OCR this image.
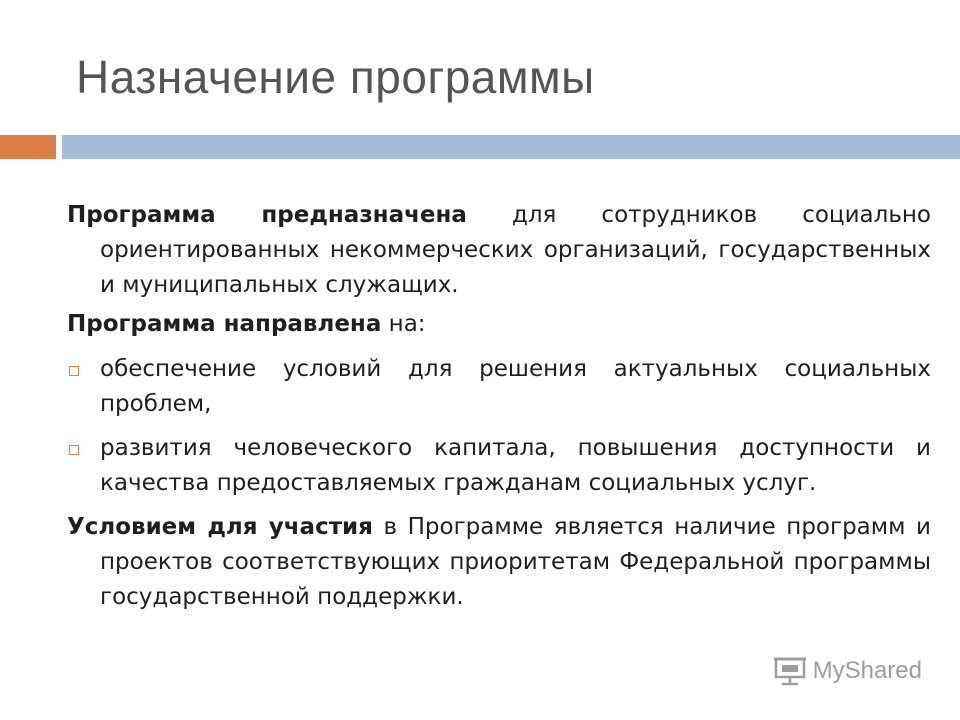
Назначение программы

Программа предназначена для сотрудников социально ориентированных некоммерческих организаций, государственных и муниципальных служащих.

Программа направлена на:

обеспечение условий для решения актуальных социальных проблем,
развития человеческого капитала, повышения доступности и качества предоставляемых гражданам социальных услуг.

Условием для участия в Программе является наличие программ и проектов соответствующих приоритетам Федеральной программы государственной поддержки.

MyShared
